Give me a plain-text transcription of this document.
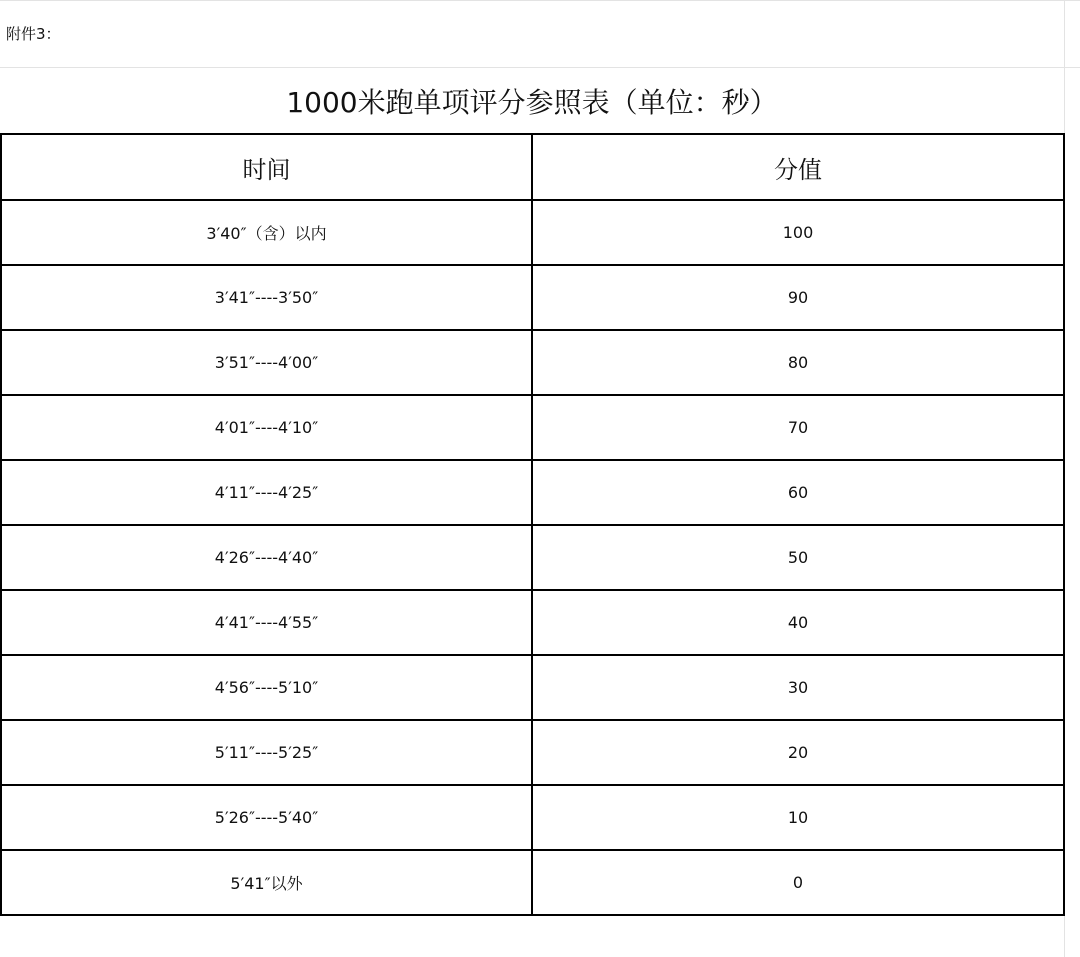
附件3：
1000米跑单项评分参照表（单位：秒）
时间	分值
3′40″（含）以内	100
3′41″----3′50″	90
3′51″----4′00″	80
4′01″----4′10″	70
4′11″----4′25″	60
4′26″----4′40″	50
4′41″----4′55″	40
4′56″----5′10″	30
5′11″----5′25″	20
5′26″----5′40″	10
5′41″以外	0
